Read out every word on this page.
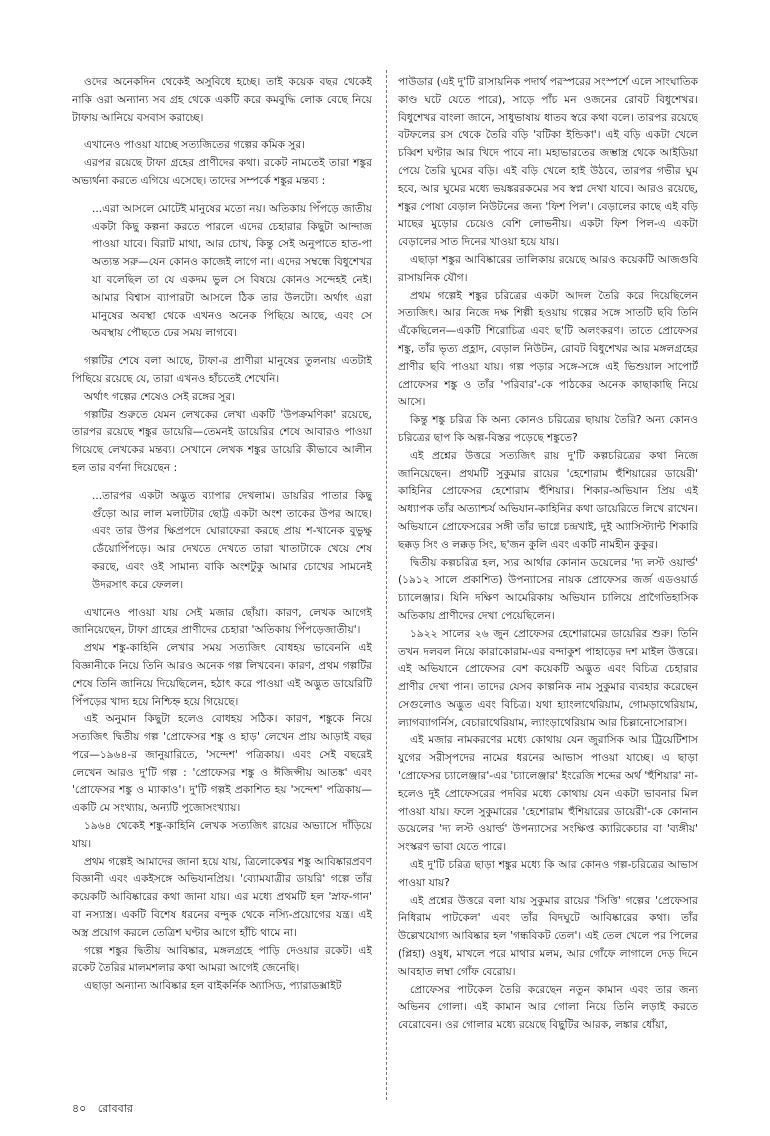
ওদের অনেকদিন থেকেই অসুবিধে হচ্ছে। তাই কয়েক বছর থেকেই নাকি ওরা অন্যান্য সব গ্রহ থেকে একটি করে কমবুদ্ধি লোক বেছে নিয়ে টাফায় আনিয়ে বসবাস করাচ্ছে।

এখানেও পাওয়া যাচ্ছে সত্যজিতের গল্পের কমিক সুর।

এরপর রয়েছে টাফা গ্রহের প্রাণীদের কথা। রকেট নামতেই তারা শঙ্কুর অভ্যর্থনা করতে এগিয়ে এসেছে। তাদের সম্পর্কে শঙ্কুর মন্তব্য :

...এরা আসলে মোটেই মানুষের মতো নয়। অতিকায় পিঁপড়ে জাতীয় একটা কিছু কল্পনা করতে পারলে এদের চেহারার কিছুটা আন্দাজ পাওয়া যাবে। বিরাট মাথা, আর চোখ, কিন্তু সেই অনুপাতে হাত-পা অত্যন্ত সরু—যেন কোনও কাজেই লাগে না। এদের সম্বন্ধে বিধুশেখর যা বলেছিল তা যে একদম ভুল সে বিষয়ে কোনও সন্দেহই নেই। আমার বিশ্বাস ব্যাপারটা আসলে ঠিক তার উলটো। অর্থাৎ এরা মানুষের অবস্থা থেকে এখনও অনেক পিছিয়ে আছে, এবং সে অবস্থায় পৌছতে ঢের সময় লাগবে।

গল্পটির শেষে বলা আছে, টাফা-র প্রাণীরা মানুষের তুলনায় এতটাই পিছিয়ে রয়েছে যে, তারা এখনও হাঁচতেই শেখেনি।

অর্থাৎ গল্পের শেষেও সেই রঙ্গের সুর।

গল্পটির শুরুতে যেমন লেখকের লেখা একটি 'উপক্রমণিকা' রয়েছে, তারপর রয়েছে শঙ্কুর ডায়েরি—তেমনই ডায়েরির শেষে আবারও পাওয়া গিয়েছে লেখকের মন্তব্য। সেখানে লেখক শঙ্কুর ডায়েরি কীভাবে আলীন হল তার বর্ণনা দিয়েছেন :

...তারপর একটা অদ্ভুত ব্যাপার দেখলাম। ডায়রির পাতার কিছু গুঁড়ো আর লাল মলাটটার ছোট্ট একটা অংশ তাকের উপর আছে। এবং তার উপর ক্ষিপ্রপদে ঘোরাফেরা করছে প্রায় শ-খানেক বুভুক্ষু ডেঁয়োপিঁপড়ে। আর দেখতে দেখতে তারা খাতাটাকে খেয়ে শেষ করছে, এবং ওই সামান্য বাকি অংশটুকু আমার চোখের সামনেই উদরসাৎ করে ফেলল।

এখানেও পাওয়া যায় সেই মজার ছোঁয়া। কারণ, লেখক আগেই জানিয়েছেন, টাফা গ্রাহের প্রাণীদের চেহারা 'অতিকায় পিঁপড়েজাতীয়'।

প্রথম শঙ্কু-কাহিনি লেখার সময় সত্যজিৎ বোধহয় ভাবেননি এই বিজ্ঞানীকে নিয়ে তিনি আরও অনেক গল্প লিখবেন। কারণ, প্রথম গল্পটির শেষে তিনি জানিয়ে দিয়েছিলেন, হঠাৎ করে পাওয়া এই অদ্ভুত ডায়েরিটি পিঁপড়ের খাদ্য হয়ে নিশ্চিহ্ন হয়ে গিয়েছে।

এই অনুমান কিছুটা হলেও বোধহয় সঠিক। কারণ, শঙ্কুকে নিয়ে সত্যজিৎ দ্বিতীয় গল্প 'প্রোফেসর শঙ্কু ও হাড়' লেখেন প্রায় আড়াই বছর পরে—১৯৬৪-র জানুয়ারিতে, 'সন্দেশ' পত্রিকায়। এবং সেই বছরেই লেখেন আরও দু'টি গল্প : 'প্রোফেসর শঙ্কু ও ঈজিপ্সীয় আতঙ্ক' এবং 'প্রোফেসর শঙ্কু ও ম্যাকাও'। দু'টি গল্পই প্রকাশিত হয় 'সন্দেশ' পত্রিকায়—একটি মে সংখ্যায়, অন্যটি পুজোসংখ্যায়।

১৯৬৪ থেকেই শঙ্কু-কাহিনি লেখক সত্যজিৎ রায়ের অভ্যাসে দাঁড়িয়ে যায়।

প্রথম গল্পেই আমাদের জানা হয়ে যায়, ত্রিলোকেশ্বর শঙ্কু আবিষ্কারপ্রবণ বিজ্ঞানী এবং একইসঙ্গে অভিযানপ্রিয়। 'ব্যোমযাত্রীর ডায়রি' গল্পে তাঁর কয়েকটি আবিষ্কারের কথা জানা যায়। এর মধ্যে প্রথমটি হল 'স্নাফ-গান' বা নস্যাস্ত্র। একটি বিশেষ ধরনের বন্দুক থেকে নস্যি-প্রয়োগের যন্ত্র। এই অস্ত্র প্রয়োগ করলে তেত্রিশ ঘণ্টার আগে হাঁচি থামে না।

গল্পে শঙ্কুর দ্বিতীয় আবিষ্কার, মঙ্গলগ্রহে পাড়ি দেওয়ার রকেট। এই রকেট তৈরির মালমশলার কথা আমরা আগেই জেনেছি।

এছাড়া অন্যান্য আবিষ্কার হল বাইকর্নিক অ্যাসিড, প্যারাডক্সাইট

পাউডার (এই দু'টি রাসায়নিক পদার্থ পরস্পরের সংস্পর্শে এলে সাংঘাতিক কাণ্ড ঘটে যেতে পারে), সাড়ে পাঁচ মন ওজনের রোবট বিধুশেখর। বিধুশেখর বাংলা জানে, সাধুভাষায় ধাতব স্বরে কথা বলে। তারপর রয়েছে বটফলের রস থেকে তৈরি বড়ি 'বটিকা ইন্ডিকা'। এই বড়ি একটা খেলে চব্বিশ ঘণ্টার আর খিদে পাবে না। মহাভারতের জম্ভাস্ত্র থেকে আইডিয়া পেয়ে তৈরি ঘুমের বড়ি। এই বড়ি খেলে হাই উঠবে, তারপর গভীর ঘুম হবে, আর ঘুমের মধ্যে ভয়ঙ্কররকমের সব স্বপ্ন দেখা যাবে। আরও রয়েছে, শঙ্কুর পোষা বেড়াল নিউটনের জন্য 'ফিশ পিল'। বেড়ালের কাছে এই বড়ি মাছের মুড়োর চেয়েও বেশি লোভনীয়। একটা ফিশ পিল-এ একটা বেড়ালের সাত দিনের খাওয়া হয়ে যায়।

এছাড়া শঙ্কুর আবিষ্কারের তালিকায় রয়েছে আরও কয়েকটি আজগুবি রাসায়নিক যৌগ।

প্রথম গল্পেই শঙ্কুর চরিত্রের একটা আদল তৈরি করে দিয়েছিলেন সত্যজিৎ। আর নিজে দক্ষ শিল্পী হওয়ায় গল্পের সঙ্গে সাতটি ছবি তিনি এঁকেছিলেন—একটি শিরোচিত্র এবং ছ'টি অলংকরণ। তাতে প্রোফেসর শঙ্কু, তাঁর ভৃত্য প্রহ্লাদ, বেড়াল নিউটন, রোবট বিধুশেখর আর মঙ্গলগ্রহের প্রাণীর ছবি পাওয়া যায়। গল্প পড়ার সঙ্গে-সঙ্গে এই ভিশুয়াল সাপোর্ট প্রোফেসর শঙ্কু ও তাঁর 'পরিবার'-কে পাঠকের অনেক কাছাকাছি নিয়ে আসে।

কিন্তু শঙ্কু চরিত্র কি অন্য কোনও চরিত্রের ছায়ায় তৈরি? অন্য কোনও চরিত্রের ছাপ কি অল্প-বিস্তর পড়েছে শঙ্কুতে?

এই প্রশ্নের উত্তরে সত্যজিৎ রায় দু'টি কল্পচরিত্রের কথা নিজে জানিয়েছেন। প্রথমটি সুকুমার রায়ের 'হেশোরাম হুঁশিয়ারের ডায়েরী' কাহিনির প্রোফেসর হেশোরাম হুঁশিয়ার। শিকার-অভিযান প্রিয় এই অধ্যাপক তাঁর অত্যাশ্চর্য অভিযান-কাহিনির কথা ডায়েরিতে লিখে রাখেন। অভিযানে প্রোফেসরের সঙ্গী তাঁর ভাগ্নে চন্দ্রখাই, দুই অ্যাসিস্ট্যান্ট শিকারি ছক্কড় সিং ও লক্কড় সিং, ছ'জন কুলি এবং একটি নামহীন কুকুর।

দ্বিতীয় কল্পচরিত্র হল, স্যর আর্থার কোনান ডয়েলের 'দ্য লস্ট ওয়ার্ল্ড' (১৯১২ সালে প্রকাশিত) উপন্যাসের নায়ক প্রোফেসর জর্জ এডওয়ার্ড চ্যালেঞ্জার। যিনি দক্ষিণ আমেরিকায় অভিযান চালিয়ে প্রাগৈতিহাসিক অতিকায় প্রাণীদের দেখা পেয়েছিলেন।

১৯২২ সালের ২৬ জুন প্রোফেসর হেশোরামের ডায়েরির শুরু। তিনি তখন দলবল নিয়ে কারাকোরাম-এর বন্দাকুশ পাহাড়ের দশ মাইল উত্তরে। এই অভিযানে প্রোফেসর বেশ কয়েকটি অদ্ভুত এবং বিচিত্র চেহারার প্রাণীর দেখা পান। তাদের যেসব কাল্পনিক নাম সুকুমার ব্যবহার করেছেন সেগুলোও অদ্ভুত এবং বিচিত্র। যথা হ্যাংলাথেরিয়াম, গোমড়াথেরিয়াম, ল্যাগব্যাগর্নিস, বেচারাথেরিয়াম, ল্যাংড়াথেরিয়াম আর চিল্লানোসোরাস।

এই মজার নামকরণের মধ্যে কোথায় যেন জুরাসিক আর ট্রিয়েটিশাস যুগের সরীসৃপদের নামের ধরনের আভাস পাওয়া যাচ্ছে। এ ছাড়া 'প্রোফেসর চ্যালেঞ্জার'-এর 'চ্যালেঞ্জার' ইংরেজি শব্দের অর্থ 'হুঁশিয়ার' না-হলেও দুই প্রোফেসরের পদবির মধ্যে কোথায় যেন একটা ভাবনার মিল পাওয়া যায়। ফলে সুকুমারের 'হেশোরাম হুঁশিয়ারের ডায়েরী'-কে কোনান ডয়েলের 'দ্য লস্ট ওয়ার্ল্ড' উপন্যাসের সংক্ষিপ্ত ক্যারিকেচার বা 'ব্যঙ্গীয়' সংস্করণ ভাবা যেতে পারে।

এই দু'টি চরিত্র ছাড়া শঙ্কুর মধ্যে কি আর কোনও গল্প-চরিত্রের আভাস পাওয়া যায়?

এই প্রশ্নের উত্তরে বলা যায় সুকুমার রায়ের 'সিত্তি' গল্পের 'প্রেফেসার নিধিরাম পাটকেল' এবং তাঁর বিদঘুটে আবিষ্কারের কথা। তাঁর উল্লেখযোগ্য আবিষ্কার হল 'গন্ধবিকট তেল'। এই তেল খেলে পর পিলের (প্লিহা) ওষুধ, মাখলে পরে মাথার মলম, আর গোঁফে লাগালে দেড় দিনে আবহাত লম্বা গোঁফ বেরোয়।

প্রোফেসর পাটকেল তৈরি করেছেন নতুন কামান এবং তার জন্য অভিনব গোলা। এই কামান আর গোলা নিয়ে তিনি লড়াই করতে বেরোবেন। ওর গোলার মধ্যে রয়েছে বিছুটির আরক, লঙ্কার ধোঁয়া,

৪০ রোববার
